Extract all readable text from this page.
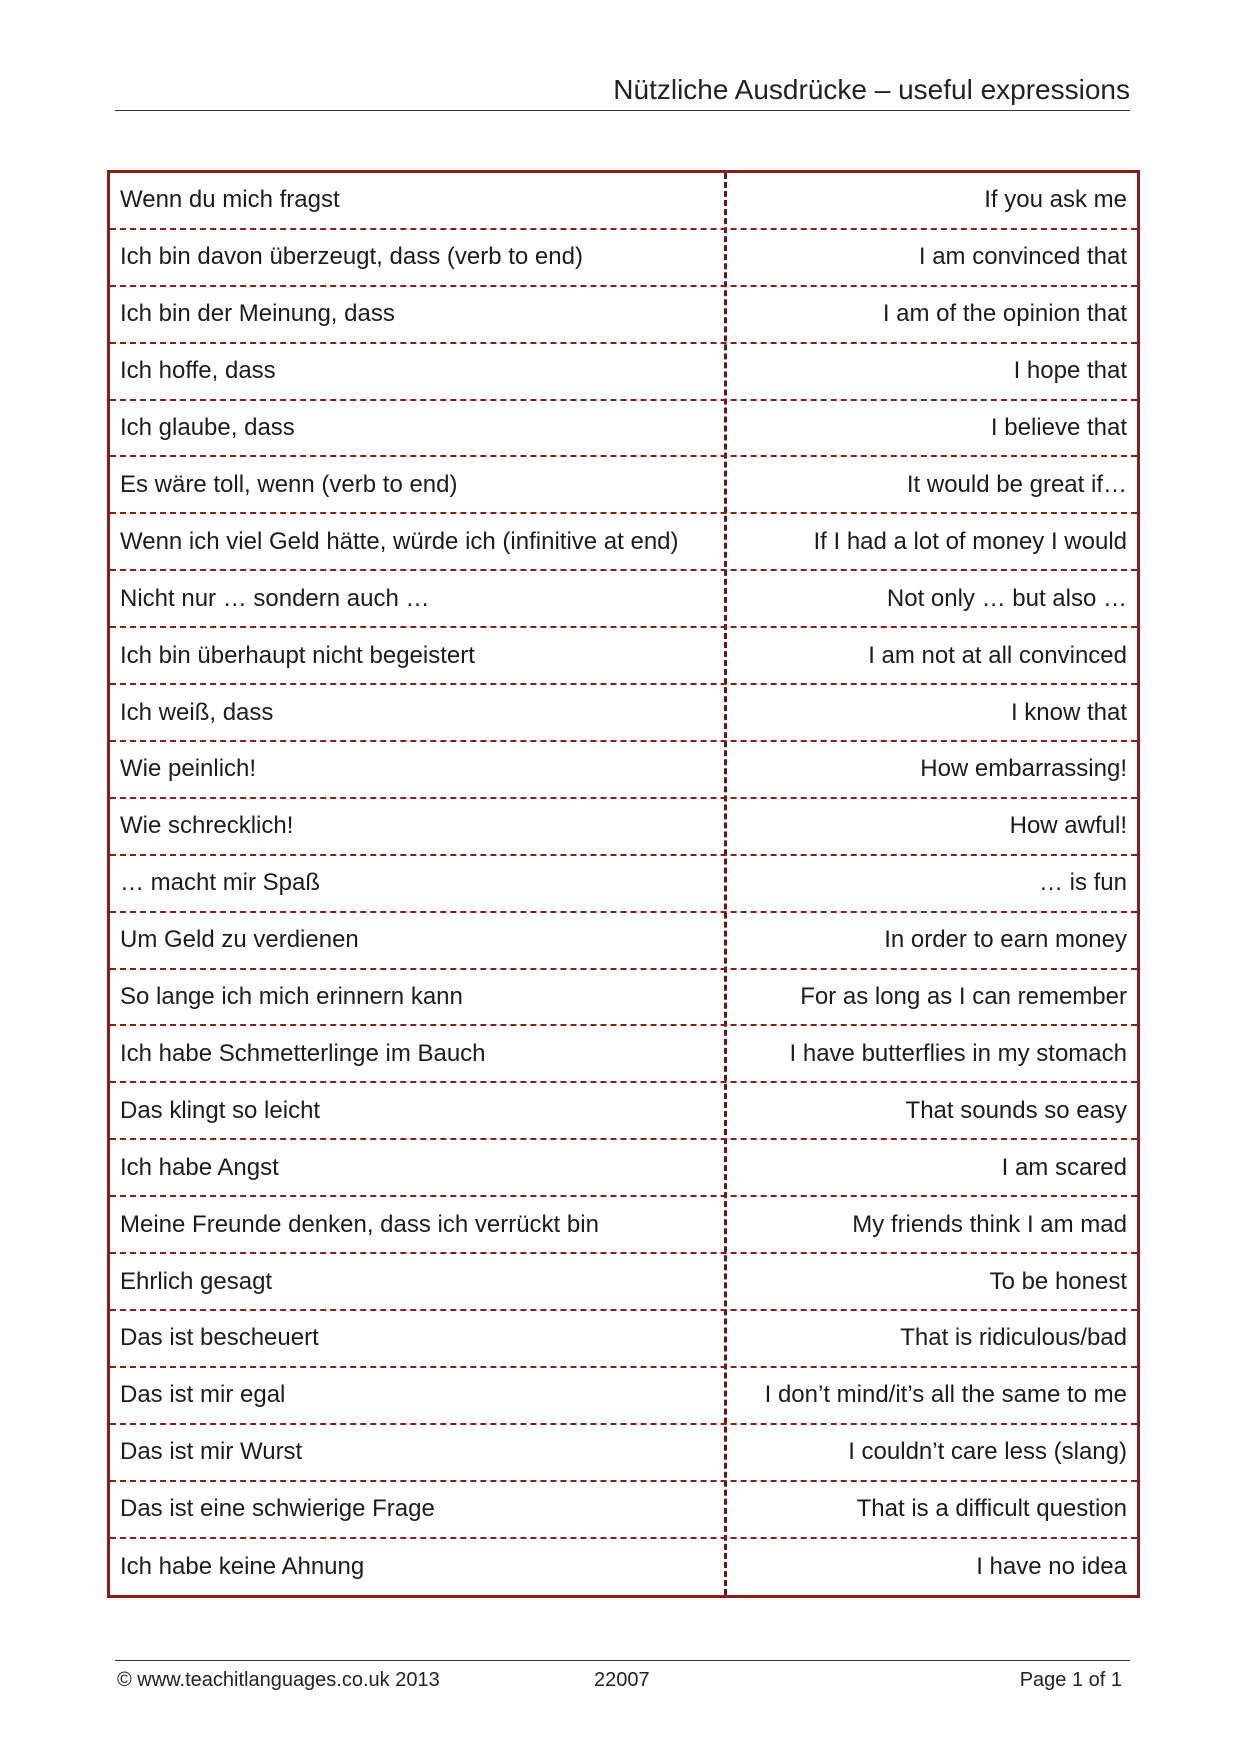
Nützliche Ausdrücke – useful expressions
Wenn du mich fragst	If you ask me
Ich bin davon überzeugt, dass (verb to end)	I am convinced that
Ich bin der Meinung, dass	I am of the opinion that
Ich hoffe, dass	I hope that
Ich glaube, dass	I believe that
Es wäre toll, wenn (verb to end)	It would be great if…
Wenn ich viel Geld hätte, würde ich (infinitive at end)	If I had a lot of money I would
Nicht nur … sondern auch …	Not only … but also …
Ich bin überhaupt nicht begeistert	I am not at all convinced
Ich weiß, dass	I know that
Wie peinlich!	How embarrassing!
Wie schrecklich!	How awful!
… macht mir Spaß	… is fun
Um Geld zu verdienen	In order to earn money
So lange ich mich erinnern kann	For as long as I can remember
Ich habe Schmetterlinge im Bauch	I have butterflies in my stomach
Das klingt so leicht	That sounds so easy
Ich habe Angst	I am scared
Meine Freunde denken, dass ich verrückt bin	My friends think I am mad
Ehrlich gesagt	To be honest
Das ist bescheuert	That is ridiculous/bad
Das ist mir egal	I don’t mind/it’s all the same to me
Das ist mir Wurst	I couldn’t care less (slang)
Das ist eine schwierige Frage	That is a difficult question
Ich habe keine Ahnung	I have no idea
© www.teachitlanguages.co.uk 2013	22007	Page 1 of 1
